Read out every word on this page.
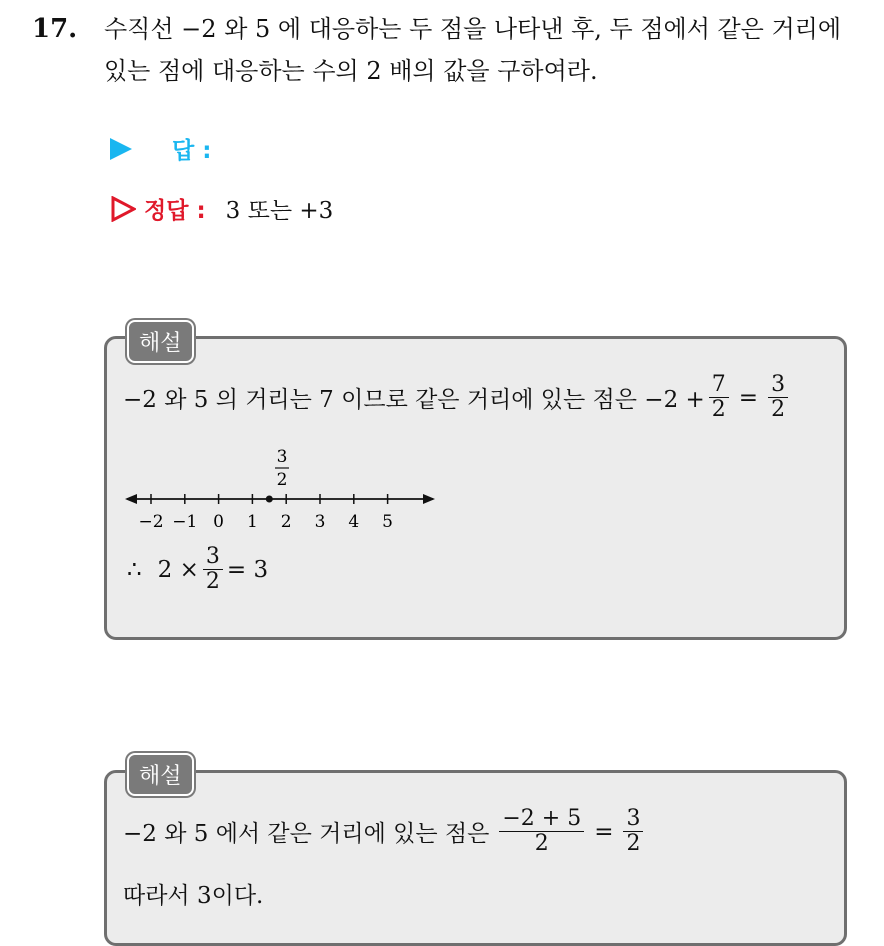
17. 수직선 −2 와 5 에 대응하는 두 점을 나타낸 후, 두 점에서 같은 거리에
있는 점에 대응하는 수의 2 배의 값을 구하여라.
답 :
정답 : 3 또는 +3
−2 와 5 의 거리는 7 이므로 같은 거리에 있는 점은 $-2 + \frac{7}{2} = \frac{3}{2}$
3
2
−2 −1 0 1 2 3 4 5
∴ $2 \times \frac{3}{2} = 3$
해설
−2 와 5 에서 같은 거리에 있는 점은 $\frac{-2 + 5}{2} = \frac{3}{2}$
따라서 3이다.
해설
